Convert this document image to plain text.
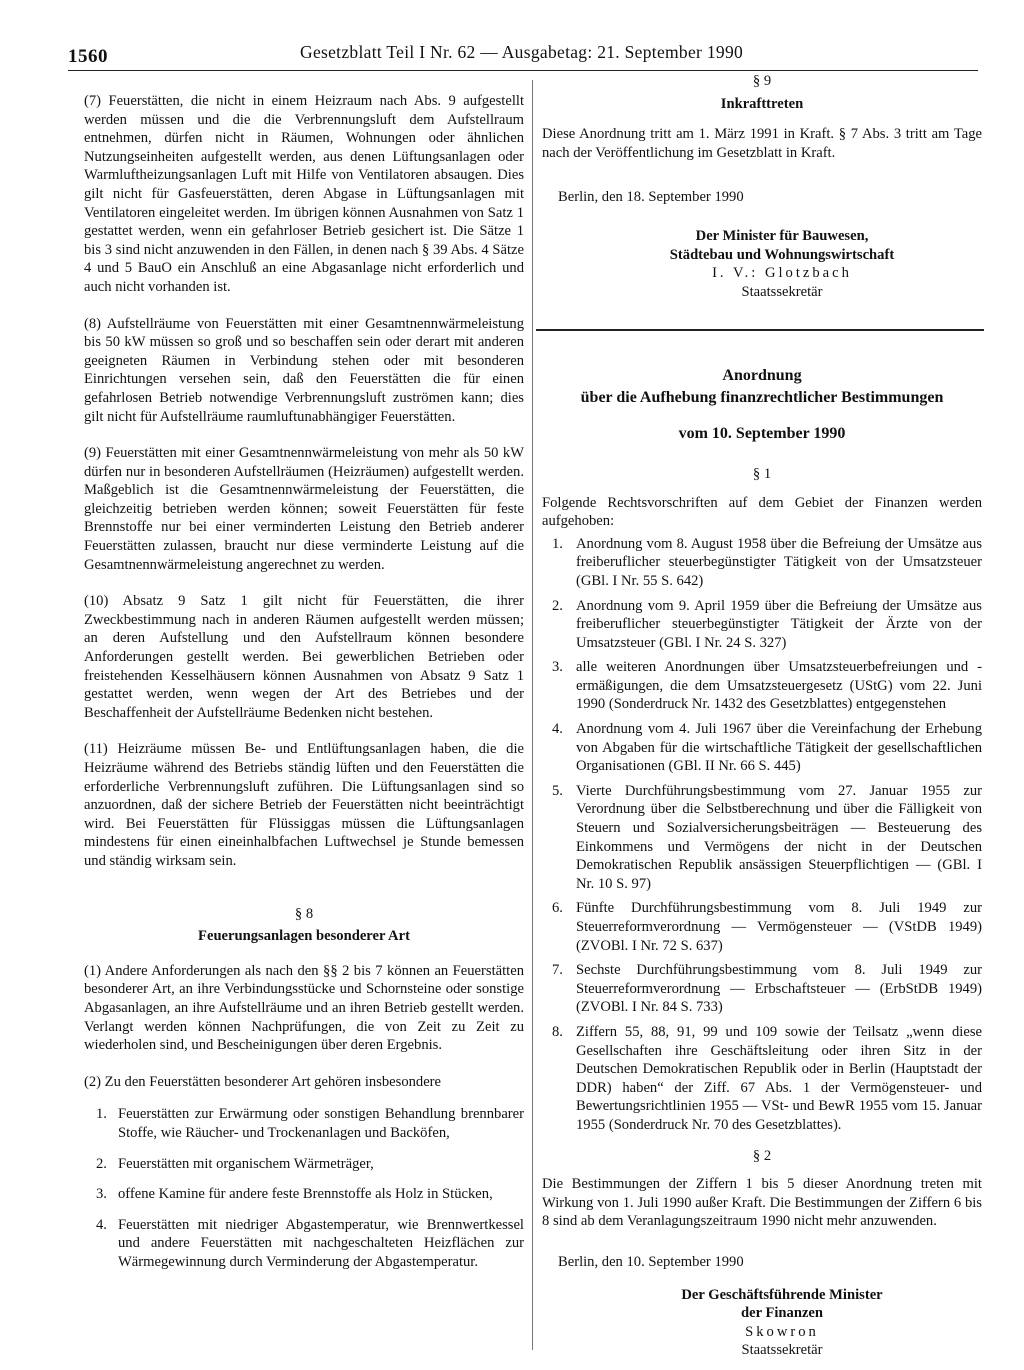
1560	Gesetzblatt Teil I Nr. 62 — Ausgabetag: 21. September 1990

(7) Feuerstätten, die nicht in einem Heizraum nach Abs. 9 aufgestellt werden müssen und die die Verbrennungsluft dem Aufstellraum entnehmen, dürfen nicht in Räumen, Wohnungen oder ähnlichen Nutzungseinheiten aufgestellt werden, aus denen Lüftungsanlagen oder Warmluftheizungsanlagen Luft mit Hilfe von Ventilatoren absaugen. Dies gilt nicht für Gasfeuerstätten, deren Abgase in Lüftungsanlagen mit Ventilatoren eingeleitet werden. Im übrigen können Ausnahmen von Satz 1 gestattet werden, wenn ein gefahrloser Betrieb gesichert ist. Die Sätze 1 bis 3 sind nicht anzuwenden in den Fällen, in denen nach § 39 Abs. 4 Sätze 4 und 5 BauO ein Anschluß an eine Abgasanlage nicht erforderlich und auch nicht vorhanden ist.

(8) Aufstellräume von Feuerstätten mit einer Gesamtnennwärmeleistung bis 50 kW müssen so groß und so beschaffen sein oder derart mit anderen geeigneten Räumen in Verbindung stehen oder mit besonderen Einrichtungen versehen sein, daß den Feuerstätten die für einen gefahrlosen Betrieb notwendige Verbrennungsluft zuströmen kann; dies gilt nicht für Aufstellräume raumluftunabhängiger Feuerstätten.

(9) Feuerstätten mit einer Gesamtnennwärmeleistung von mehr als 50 kW dürfen nur in besonderen Aufstellräumen (Heizräumen) aufgestellt werden. Maßgeblich ist die Gesamtnennwärmeleistung der Feuerstätten, die gleichzeitig betrieben werden können; soweit Feuerstätten für feste Brennstoffe nur bei einer verminderten Leistung den Betrieb anderer Feuerstätten zulassen, braucht nur diese verminderte Leistung auf die Gesamtnennwärmeleistung angerechnet zu werden.

(10) Absatz 9 Satz 1 gilt nicht für Feuerstätten, die ihrer Zweckbestimmung nach in anderen Räumen aufgestellt werden müssen; an deren Aufstellung und den Aufstellraum können besondere Anforderungen gestellt werden. Bei gewerblichen Betrieben oder freistehenden Kesselhäusern können Ausnahmen von Absatz 9 Satz 1 gestattet werden, wenn wegen der Art des Betriebes und der Beschaffenheit der Aufstellräume Bedenken nicht bestehen.

(11) Heizräume müssen Be- und Entlüftungsanlagen haben, die die Heizräume während des Betriebs ständig lüften und den Feuerstätten die erforderliche Verbrennungsluft zuführen. Die Lüftungsanlagen sind so anzuordnen, daß der sichere Betrieb der Feuerstätten nicht beeinträchtigt wird. Bei Feuerstätten für Flüssiggas müssen die Lüftungsanlagen mindestens für einen eineinhalbfachen Luftwechsel je Stunde bemessen und ständig wirksam sein.

§ 8

Feuerungsanlagen besonderer Art

(1) Andere Anforderungen als nach den §§ 2 bis 7 können an Feuerstätten besonderer Art, an ihre Verbindungsstücke und Schornsteine oder sonstige Abgasanlagen, an ihre Aufstellräume und an ihren Betrieb gestellt werden. Verlangt werden können Nachprüfungen, die von Zeit zu Zeit zu wiederholen sind, und Bescheinigungen über deren Ergebnis.

(2) Zu den Feuerstätten besonderer Art gehören insbesondere

1. Feuerstätten zur Erwärmung oder sonstigen Behandlung brennbarer Stoffe, wie Räucher- und Trockenanlagen und Backöfen,
2. Feuerstätten mit organischem Wärmeträger,
3. offene Kamine für andere feste Brennstoffe als Holz in Stücken,
4. Feuerstätten mit niedriger Abgastemperatur, wie Brennwertkessel und andere Feuerstätten mit nachgeschalteten Heizflächen zur Wärmegewinnung durch Verminderung der Abgastemperatur.

§ 9

Inkrafttreten

Diese Anordnung tritt am 1. März 1991 in Kraft. § 7 Abs. 3 tritt am Tage nach der Veröffentlichung im Gesetzblatt in Kraft.

Berlin, den 18. September 1990

Der Minister für Bauwesen,
Städtebau und Wohnungswirtschaft
I. V.: Glotzbach
Staatssekretär

Anordnung

über die Aufhebung finanzrechtlicher Bestimmungen

vom 10. September 1990

§ 1

Folgende Rechtsvorschriften auf dem Gebiet der Finanzen werden aufgehoben:

1. Anordnung vom 8. August 1958 über die Befreiung der Umsätze aus freiberuflicher steuerbegünstigter Tätigkeit von der Umsatzsteuer (GBl. I Nr. 55 S. 642)
2. Anordnung vom 9. April 1959 über die Befreiung der Umsätze aus freiberuflicher steuerbegünstigter Tätigkeit der Ärzte von der Umsatzsteuer (GBl. I Nr. 24 S. 327)
3. alle weiteren Anordnungen über Umsatzsteuerbefreiungen und -ermäßigungen, die dem Umsatzsteuergesetz (UStG) vom 22. Juni 1990 (Sonderdruck Nr. 1432 des Gesetzblattes) entgegenstehen
4. Anordnung vom 4. Juli 1967 über die Vereinfachung der Erhebung von Abgaben für die wirtschaftliche Tätigkeit der gesellschaftlichen Organisationen (GBl. II Nr. 66 S. 445)
5. Vierte Durchführungsbestimmung vom 27. Januar 1955 zur Verordnung über die Selbstberechnung und über die Fälligkeit von Steuern und Sozialversicherungsbeiträgen — Besteuerung des Einkommens und Vermögens der nicht in der Deutschen Demokratischen Republik ansässigen Steuerpflichtigen — (GBl. I Nr. 10 S. 97)
6. Fünfte Durchführungsbestimmung vom 8. Juli 1949 zur Steuerreformverordnung — Vermögensteuer — (VStDB 1949) (ZVOBl. I Nr. 72 S. 637)
7. Sechste Durchführungsbestimmung vom 8. Juli 1949 zur Steuerreformverordnung — Erbschaftsteuer — (ErbStDB 1949) (ZVOBl. I Nr. 84 S. 733)
8. Ziffern 55, 88, 91, 99 und 109 sowie der Teilsatz „wenn diese Gesellschaften ihre Geschäftsleitung oder ihren Sitz in der Deutschen Demokratischen Republik oder in Berlin (Hauptstadt der DDR) haben“ der Ziff. 67 Abs. 1 der Vermögensteuer- und Bewertungsrichtlinien 1955 — VSt- und BewR 1955 vom 15. Januar 1955 (Sonderdruck Nr. 70 des Gesetzblattes).

§ 2

Die Bestimmungen der Ziffern 1 bis 5 dieser Anordnung treten mit Wirkung von 1. Juli 1990 außer Kraft. Die Bestimmungen der Ziffern 6 bis 8 sind ab dem Veranlagungszeitraum 1990 nicht mehr anzuwenden.

Berlin, den 10. September 1990

Der Geschäftsführende Minister
der Finanzen
Skowron
Staatssekretär
